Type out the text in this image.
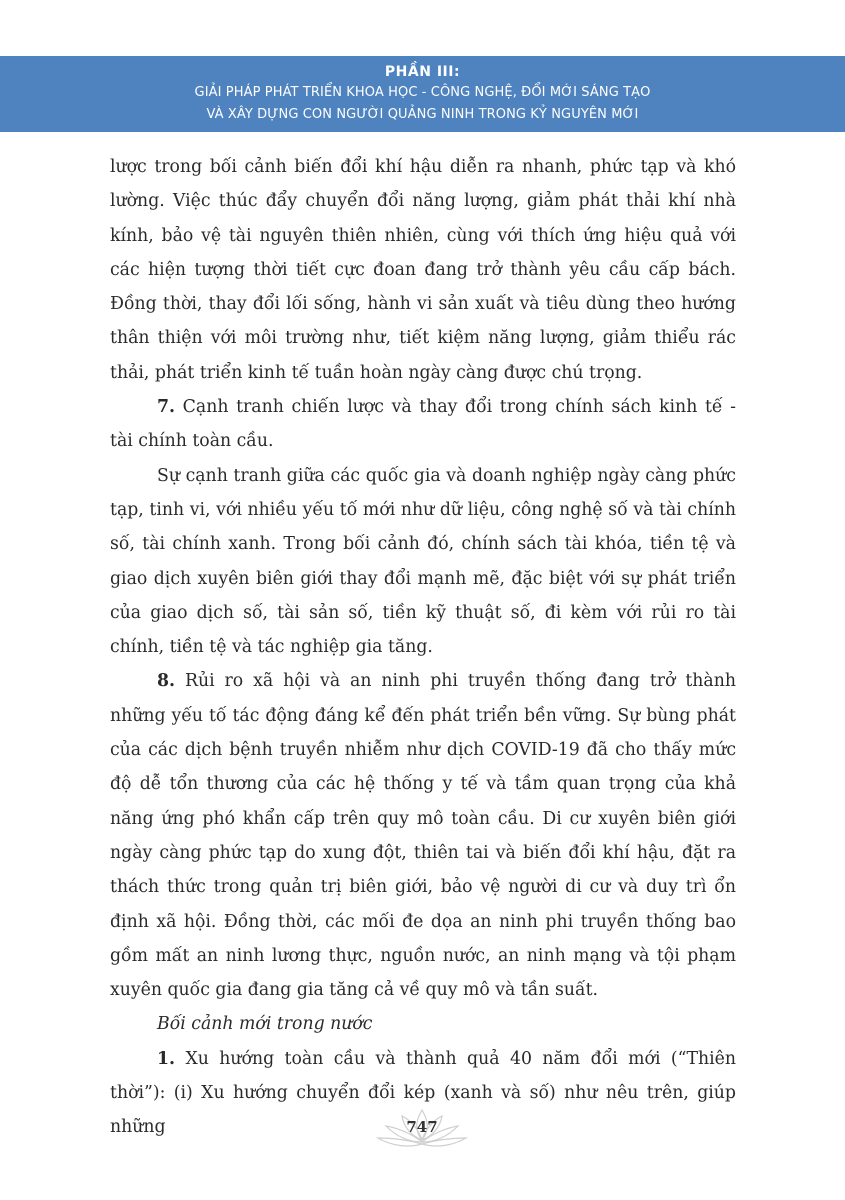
PHẦN III:
GIẢI PHÁP PHÁT TRIỂN KHOA HỌC - CÔNG NGHỆ, ĐỔI MỚI SÁNG TẠO
VÀ XÂY DỰNG CON NGƯỜI QUẢNG NINH TRONG KỶ NGUYÊN MỚI

lược trong bối cảnh biến đổi khí hậu diễn ra nhanh, phức tạp và khó lường. Việc thúc đẩy chuyển đổi năng lượng, giảm phát thải khí nhà kính, bảo vệ tài nguyên thiên nhiên, cùng với thích ứng hiệu quả với các hiện tượng thời tiết cực đoan đang trở thành yêu cầu cấp bách. Đồng thời, thay đổi lối sống, hành vi sản xuất và tiêu dùng theo hướng thân thiện với môi trường như, tiết kiệm năng lượng, giảm thiểu rác thải, phát triển kinh tế tuần hoàn ngày càng được chú trọng.

7. Cạnh tranh chiến lược và thay đổi trong chính sách kinh tế - tài chính toàn cầu.

Sự cạnh tranh giữa các quốc gia và doanh nghiệp ngày càng phức tạp, tinh vi, với nhiều yếu tố mới như dữ liệu, công nghệ số và tài chính số, tài chính xanh. Trong bối cảnh đó, chính sách tài khóa, tiền tệ và giao dịch xuyên biên giới thay đổi mạnh mẽ, đặc biệt với sự phát triển của giao dịch số, tài sản số, tiền kỹ thuật số, đi kèm với rủi ro tài chính, tiền tệ và tác nghiệp gia tăng.

8. Rủi ro xã hội và an ninh phi truyền thống đang trở thành những yếu tố tác động đáng kể đến phát triển bền vững. Sự bùng phát của các dịch bệnh truyền nhiễm như dịch COVID-19 đã cho thấy mức độ dễ tổn thương của các hệ thống y tế và tầm quan trọng của khả năng ứng phó khẩn cấp trên quy mô toàn cầu. Di cư xuyên biên giới ngày càng phức tạp do xung đột, thiên tai và biến đổi khí hậu, đặt ra thách thức trong quản trị biên giới, bảo vệ người di cư và duy trì ổn định xã hội. Đồng thời, các mối đe dọa an ninh phi truyền thống bao gồm mất an ninh lương thực, nguồn nước, an ninh mạng và tội phạm xuyên quốc gia đang gia tăng cả về quy mô và tần suất.

Bối cảnh mới trong nước

1. Xu hướng toàn cầu và thành quả 40 năm đổi mới (“Thiên thời”): (i) Xu hướng chuyển đổi kép (xanh và số) như nêu trên, giúp những	747
